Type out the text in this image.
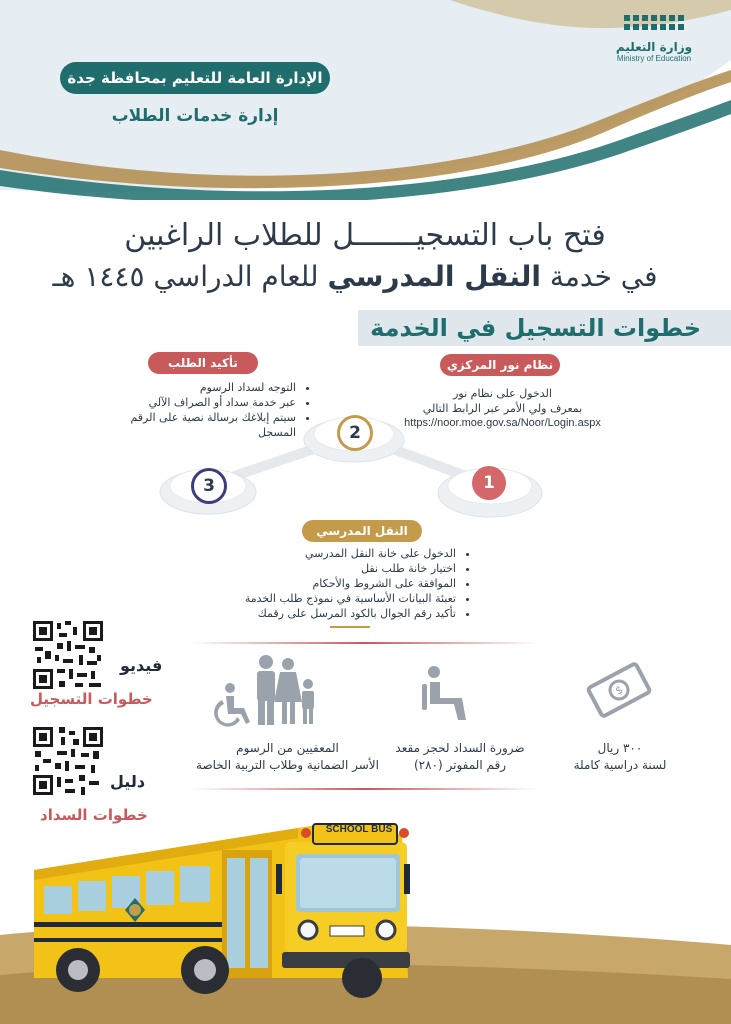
وزارة التعليم
Ministry of Education
الإدارة العامة للتعليم بمحافظة جدة
إدارة خدمات الطلاب
فتح باب التسجيـــــــل للطلاب الراغبين
في خدمة النقل المدرسي للعام الدراسي ١٤٤٥ هـ
خطوات التسجيل في الخدمة
نظام نور المركزي
تأكيد الطلب
النقل المدرسي
الدخول على نظام نور
بمعرف ولي الأمر عبر الرابط التالي
https://noor.moe.gov.sa/Noor/Login.aspx
• التوجه لسداد الرسوم
• عبر خدمة سداد أو الصراف الآلي
• سيتم إبلاغك برسالة نصية على الرقم المسجل
1
2
3
• الدخول على خانة النقل المدرسي
• اختيار خانة طلب نقل
• الموافقة على الشروط والأحكام
• تعبئة البيانات الأساسية في نموذج طلب الخدمة
• تأكيد رقم الجوال بالكود المرسل على رقمك
فيديو
خطوات التسجيل
دليل
خطوات السداد
$
٣٠٠ ريال
لسنة دراسية كاملة
ضرورة السداد لحجز مقعد
رقم المفوتر (٢٨٠)
المعفيين من الرسوم
الأسر الضمانية وطلاب التربية الخاصة
SCHOOL BUS
